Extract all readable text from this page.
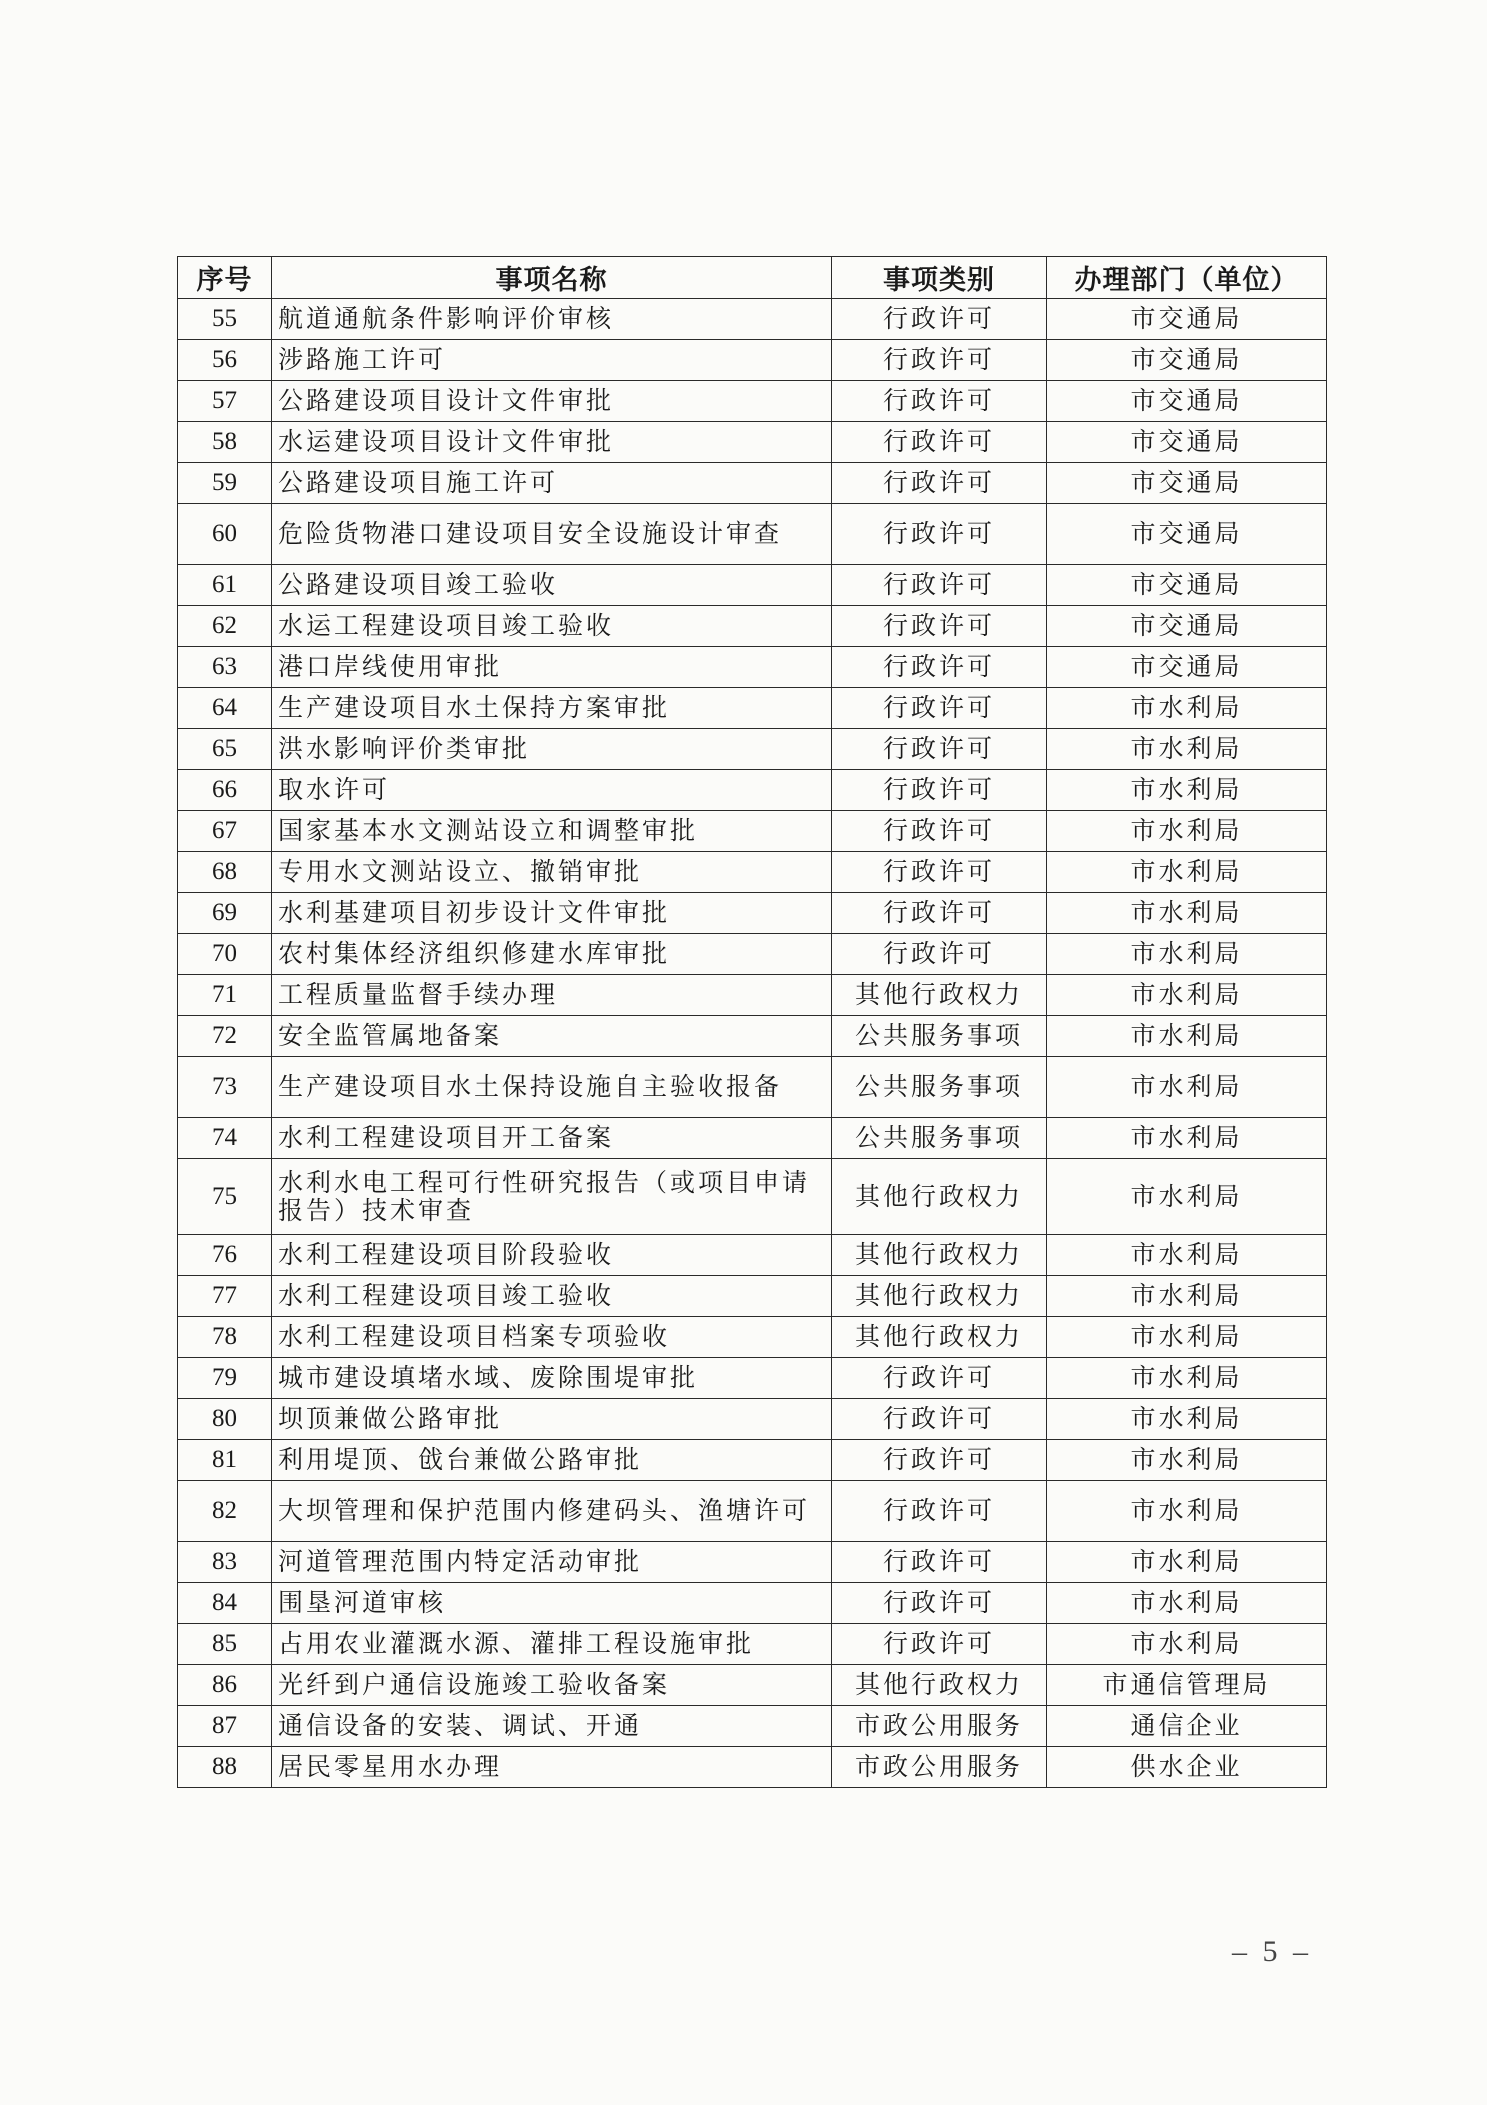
序号	事项名称	事项类别	办理部门（单位）
55	航道通航条件影响评价审核	行政许可	市交通局
56	涉路施工许可	行政许可	市交通局
57	公路建设项目设计文件审批	行政许可	市交通局
58	水运建设项目设计文件审批	行政许可	市交通局
59	公路建设项目施工许可	行政许可	市交通局
60	危险货物港口建设项目安全设施设计审查	行政许可	市交通局
61	公路建设项目竣工验收	行政许可	市交通局
62	水运工程建设项目竣工验收	行政许可	市交通局
63	港口岸线使用审批	行政许可	市交通局
64	生产建设项目水土保持方案审批	行政许可	市水利局
65	洪水影响评价类审批	行政许可	市水利局
66	取水许可	行政许可	市水利局
67	国家基本水文测站设立和调整审批	行政许可	市水利局
68	专用水文测站设立、撤销审批	行政许可	市水利局
69	水利基建项目初步设计文件审批	行政许可	市水利局
70	农村集体经济组织修建水库审批	行政许可	市水利局
71	工程质量监督手续办理	其他行政权力	市水利局
72	安全监管属地备案	公共服务事项	市水利局
73	生产建设项目水土保持设施自主验收报备	公共服务事项	市水利局
74	水利工程建设项目开工备案	公共服务事项	市水利局
75	水利水电工程可行性研究报告（或项目申请报告）技术审查	其他行政权力	市水利局
76	水利工程建设项目阶段验收	其他行政权力	市水利局
77	水利工程建设项目竣工验收	其他行政权力	市水利局
78	水利工程建设项目档案专项验收	其他行政权力	市水利局
79	城市建设填堵水域、废除围堤审批	行政许可	市水利局
80	坝顶兼做公路审批	行政许可	市水利局
81	利用堤顶、戗台兼做公路审批	行政许可	市水利局
82	大坝管理和保护范围内修建码头、渔塘许可	行政许可	市水利局
83	河道管理范围内特定活动审批	行政许可	市水利局
84	围垦河道审核	行政许可	市水利局
85	占用农业灌溉水源、灌排工程设施审批	行政许可	市水利局
86	光纤到户通信设施竣工验收备案	其他行政权力	市通信管理局
87	通信设备的安装、调试、开通	市政公用服务	通信企业
88	居民零星用水办理	市政公用服务	供水企业
– 5 –
